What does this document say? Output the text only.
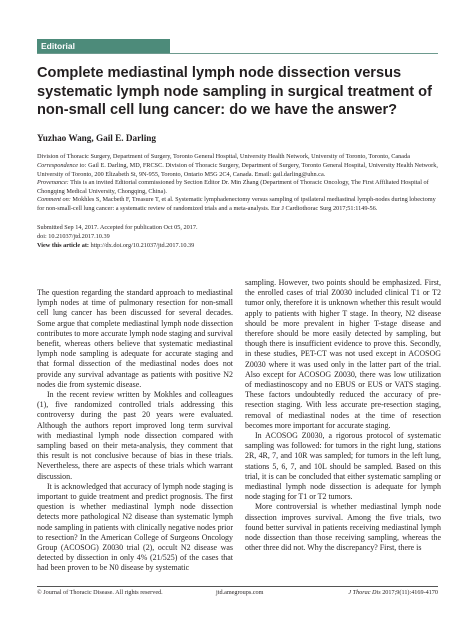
Editorial
Complete mediastinal lymph node dissection versus systematic lymph node sampling in surgical treatment of non-small cell lung cancer: do we have the answer?

Yuzhao Wang, Gail E. Darling

Division of Thoracic Surgery, Department of Surgery, Toronto General Hospital, University Health Network, University of Toronto, Toronto, Canada

Correspondence to: Gail E. Darling, MD, FRCSC. Division of Thoracic Surgery, Department of Surgery, Toronto General Hospital, University Health Network, University of Toronto, 200 Elizabeth St, 9N-955, Toronto, Ontario M5G 2C4, Canada. Email: gail.darling@uhn.ca.

Provenance: This is an invited Editorial commissioned by Section Editor Dr. Min Zhang (Department of Thoracic Oncology, The First Affiliated Hospital of Chongqing Medical University, Chongqing, China).

Comment on: Mokhles S, Macbeth F, Treasure T, et al. Systematic lymphadenectomy versus sampling of ipsilateral mediastinal lymph-nodes during lobectomy for non-small-cell lung cancer: a systematic review of randomized trials and a meta-analysis. Eur J Cardiothorac Surg 2017;51:1149-56.

Submitted Sep 14, 2017. Accepted for publication Oct 05, 2017.

doi: 10.21037/jtd.2017.10.39

View this article at: http://dx.doi.org/10.21037/jtd.2017.10.39

The question regarding the standard approach to mediastinal lymph nodes at time of pulmonary resection for non-small cell lung cancer has been discussed for several decades. Some argue that complete mediastinal lymph node dissection contributes to more accurate lymph node staging and survival benefit, whereas others believe that systematic mediastinal lymph node sampling is adequate for accurate staging and that formal dissection of the mediastinal nodes does not provide any survival advantage as patients with positive N2 nodes die from systemic disease.

In the recent review written by Mokhles and colleagues (1), five randomized controlled trials addressing this controversy during the past 20 years were evaluated. Although the authors report improved long term survival with mediastinal lymph node dissection compared with sampling based on their meta-analysis, they comment that this result is not conclusive because of bias in these trials. Nevertheless, there are aspects of these trials which warrant discussion.

It is acknowledged that accuracy of lymph node staging is important to guide treatment and predict prognosis. The first question is whether mediastinal lymph node dissection detects more pathological N2 disease than systematic lymph node sampling in patients with clinically negative nodes prior to resection? In the American College of Surgeons Oncology Group (ACOSOG) Z0030 trial (2), occult N2 disease was detected by dissection in only 4% (21/525) of the cases that had been proven to be N0 disease by systematic

sampling. However, two points should be emphasized. First, the enrolled cases of trial Z0030 included clinical T1 or T2 tumor only, therefore it is unknown whether this result would apply to patients with higher T stage. In theory, N2 disease should be more prevalent in higher T-stage disease and therefore should be more easily detected by sampling, but though there is insufficient evidence to prove this. Secondly, in these studies, PET-CT was not used except in ACOSOG Z0030 where it was used only in the latter part of the trial. Also except for ACOSOG Z0030, there was low utilization of mediastinoscopy and no EBUS or EUS or VATS staging. These factors undoubtedly reduced the accuracy of pre-resection staging. With less accurate pre-resection staging, removal of mediastinal nodes at the time of resection becomes more important for accurate staging.

In ACOSOG Z0030, a rigorous protocol of systematic sampling was followed: for tumors in the right lung, stations 2R, 4R, 7, and 10R was sampled; for tumors in the left lung, stations 5, 6, 7, and 10L should be sampled. Based on this trial, it is can be concluded that either systematic sampling or mediastinal lymph node dissection is adequate for lymph node staging for T1 or T2 tumors.

More controversial is whether mediastinal lymph node dissection improves survival. Among the five trials, two found better survival in patients receiving mediastinal lymph node dissection than those receiving sampling, whereas the other three did not. Why the discrepancy? First, there is

© Journal of Thoracic Disease. All rights reserved.	jtd.amegroups.com	J Thorac Dis 2017;9(11):4169-4170
